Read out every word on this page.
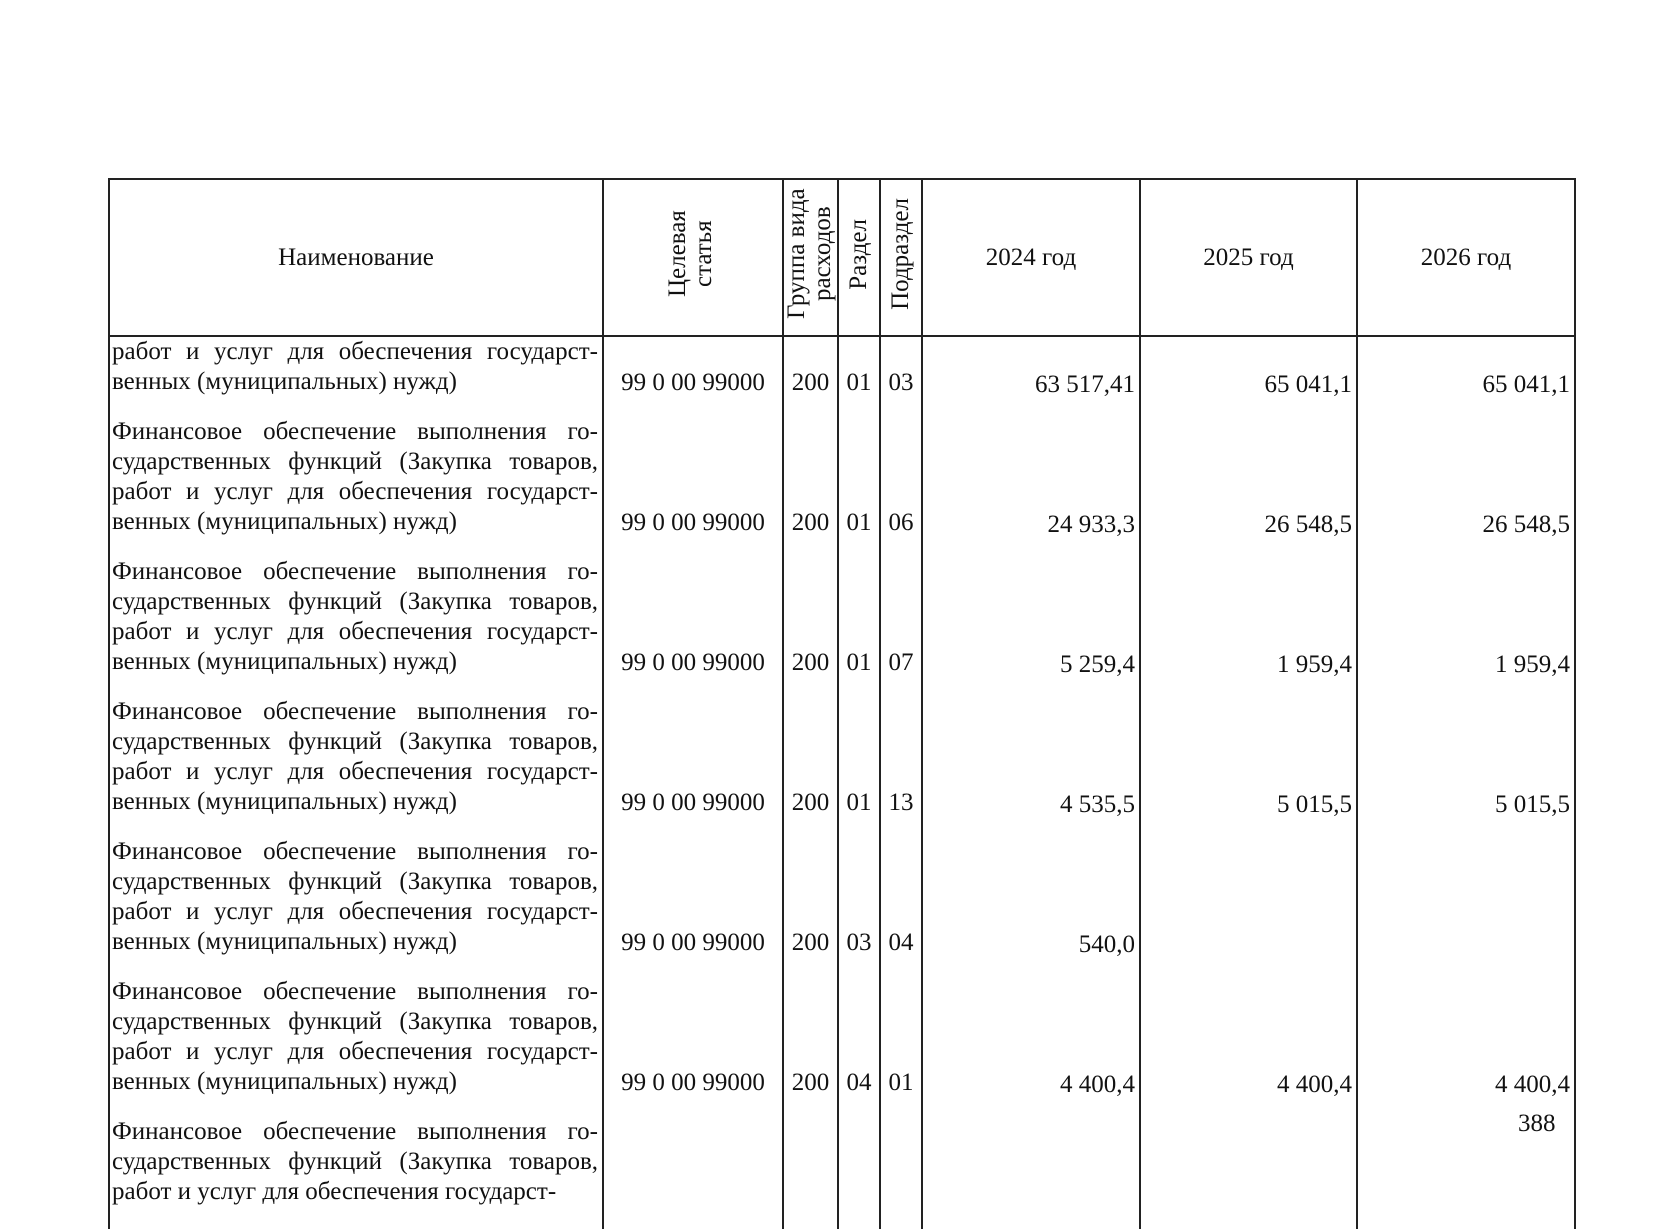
Наименование	Целевая статья	Группа вида расходов	Раздел	Подраздел	2024 год	2025 год	2026 год
работ и услуг для обеспечения государст- венных (муниципальных) нужд)	99 0 00 99000	200	01	03	63 517,41	65 041,1	65 041,1
Финансовое обеспечение выполнения го- сударственных функций (Закупка товаров, работ и услуг для обеспечения государст- венных (муниципальных) нужд)	99 0 00 99000	200	01	06	24 933,3	26 548,5	26 548,5
Финансовое обеспечение выполнения го- сударственных функций (Закупка товаров, работ и услуг для обеспечения государст- венных (муниципальных) нужд)	99 0 00 99000	200	01	07	5 259,4	1 959,4	1 959,4
Финансовое обеспечение выполнения го- сударственных функций (Закупка товаров, работ и услуг для обеспечения государст- венных (муниципальных) нужд)	99 0 00 99000	200	01	13	4 535,5	5 015,5	5 015,5
Финансовое обеспечение выполнения го- сударственных функций (Закупка товаров, работ и услуг для обеспечения государст- венных (муниципальных) нужд)	99 0 00 99000	200	03	04	540,0		
Финансовое обеспечение выполнения го- сударственных функций (Закупка товаров, работ и услуг для обеспечения государст- венных (муниципальных) нужд)	99 0 00 99000	200	04	01	4 400,4	4 400,4	4 400,4
Финансовое обеспечение выполнения го- сударственных функций (Закупка товаров, работ и услуг для обеспечения государст-							
388
